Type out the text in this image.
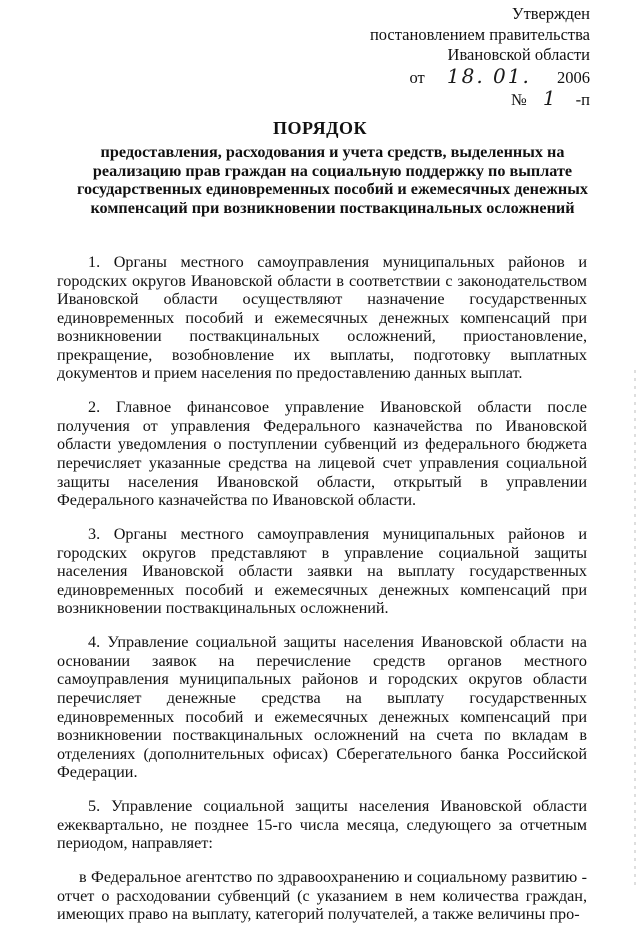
Утвержден
постановлением правительства
Ивановской области
от 18. 01. 2006
№ 1 -п
ПОРЯДОК
предоставления, расходования и учета средств, выделенных на
реализацию прав граждан на социальную поддержку по выплате
государственных единовременных пособий и ежемесячных денежных
компенсаций при возникновении поствакцинальных осложнений

1. Органы местного самоуправления муниципальных районов и городских округов Ивановской области в соответствии с законодательством Ивановской области осуществляют назначение государственных единовременных пособий и ежемесячных денежных компенсаций при возникновении поствакцинальных осложнений, приостановление, прекращение, возобновление их выплаты, подготовку выплатных документов и прием населения по предоставлению данных выплат.

2. Главное финансовое управление Ивановской области после получения от управления Федерального казначейства по Ивановской области уведомления о поступлении субвенций из федерального бюджета перечисляет указанные средства на лицевой счет управления социальной защиты населения Ивановской области, открытый в управлении Федерального казначейства по Ивановской области.

3. Органы местного самоуправления муниципальных районов и городских округов представляют в управление социальной защиты населения Ивановской области заявки на выплату государственных единовременных пособий и ежемесячных денежных компенсаций при возникновении поствакцинальных осложнений.

4. Управление социальной защиты населения Ивановской области на основании заявок на перечисление средств органов местного самоуправления муниципальных районов и городских округов области перечисляет денежные средства на выплату государственных единовременных пособий и ежемесячных денежных компенсаций при возникновении поствакцинальных осложнений на счета по вкладам в отделениях (дополнительных офисах) Сберегательного банка Российской Федерации.

5. Управление социальной защиты населения Ивановской области ежеквартально, не позднее 15-го числа месяца, следующего за отчетным периодом, направляет:

в Федеральное агентство по здравоохранению и социальному развитию - отчет о расходовании субвенций (с указанием в нем количества граждан, имеющих право на выплату, категорий получателей, а также величины про-
